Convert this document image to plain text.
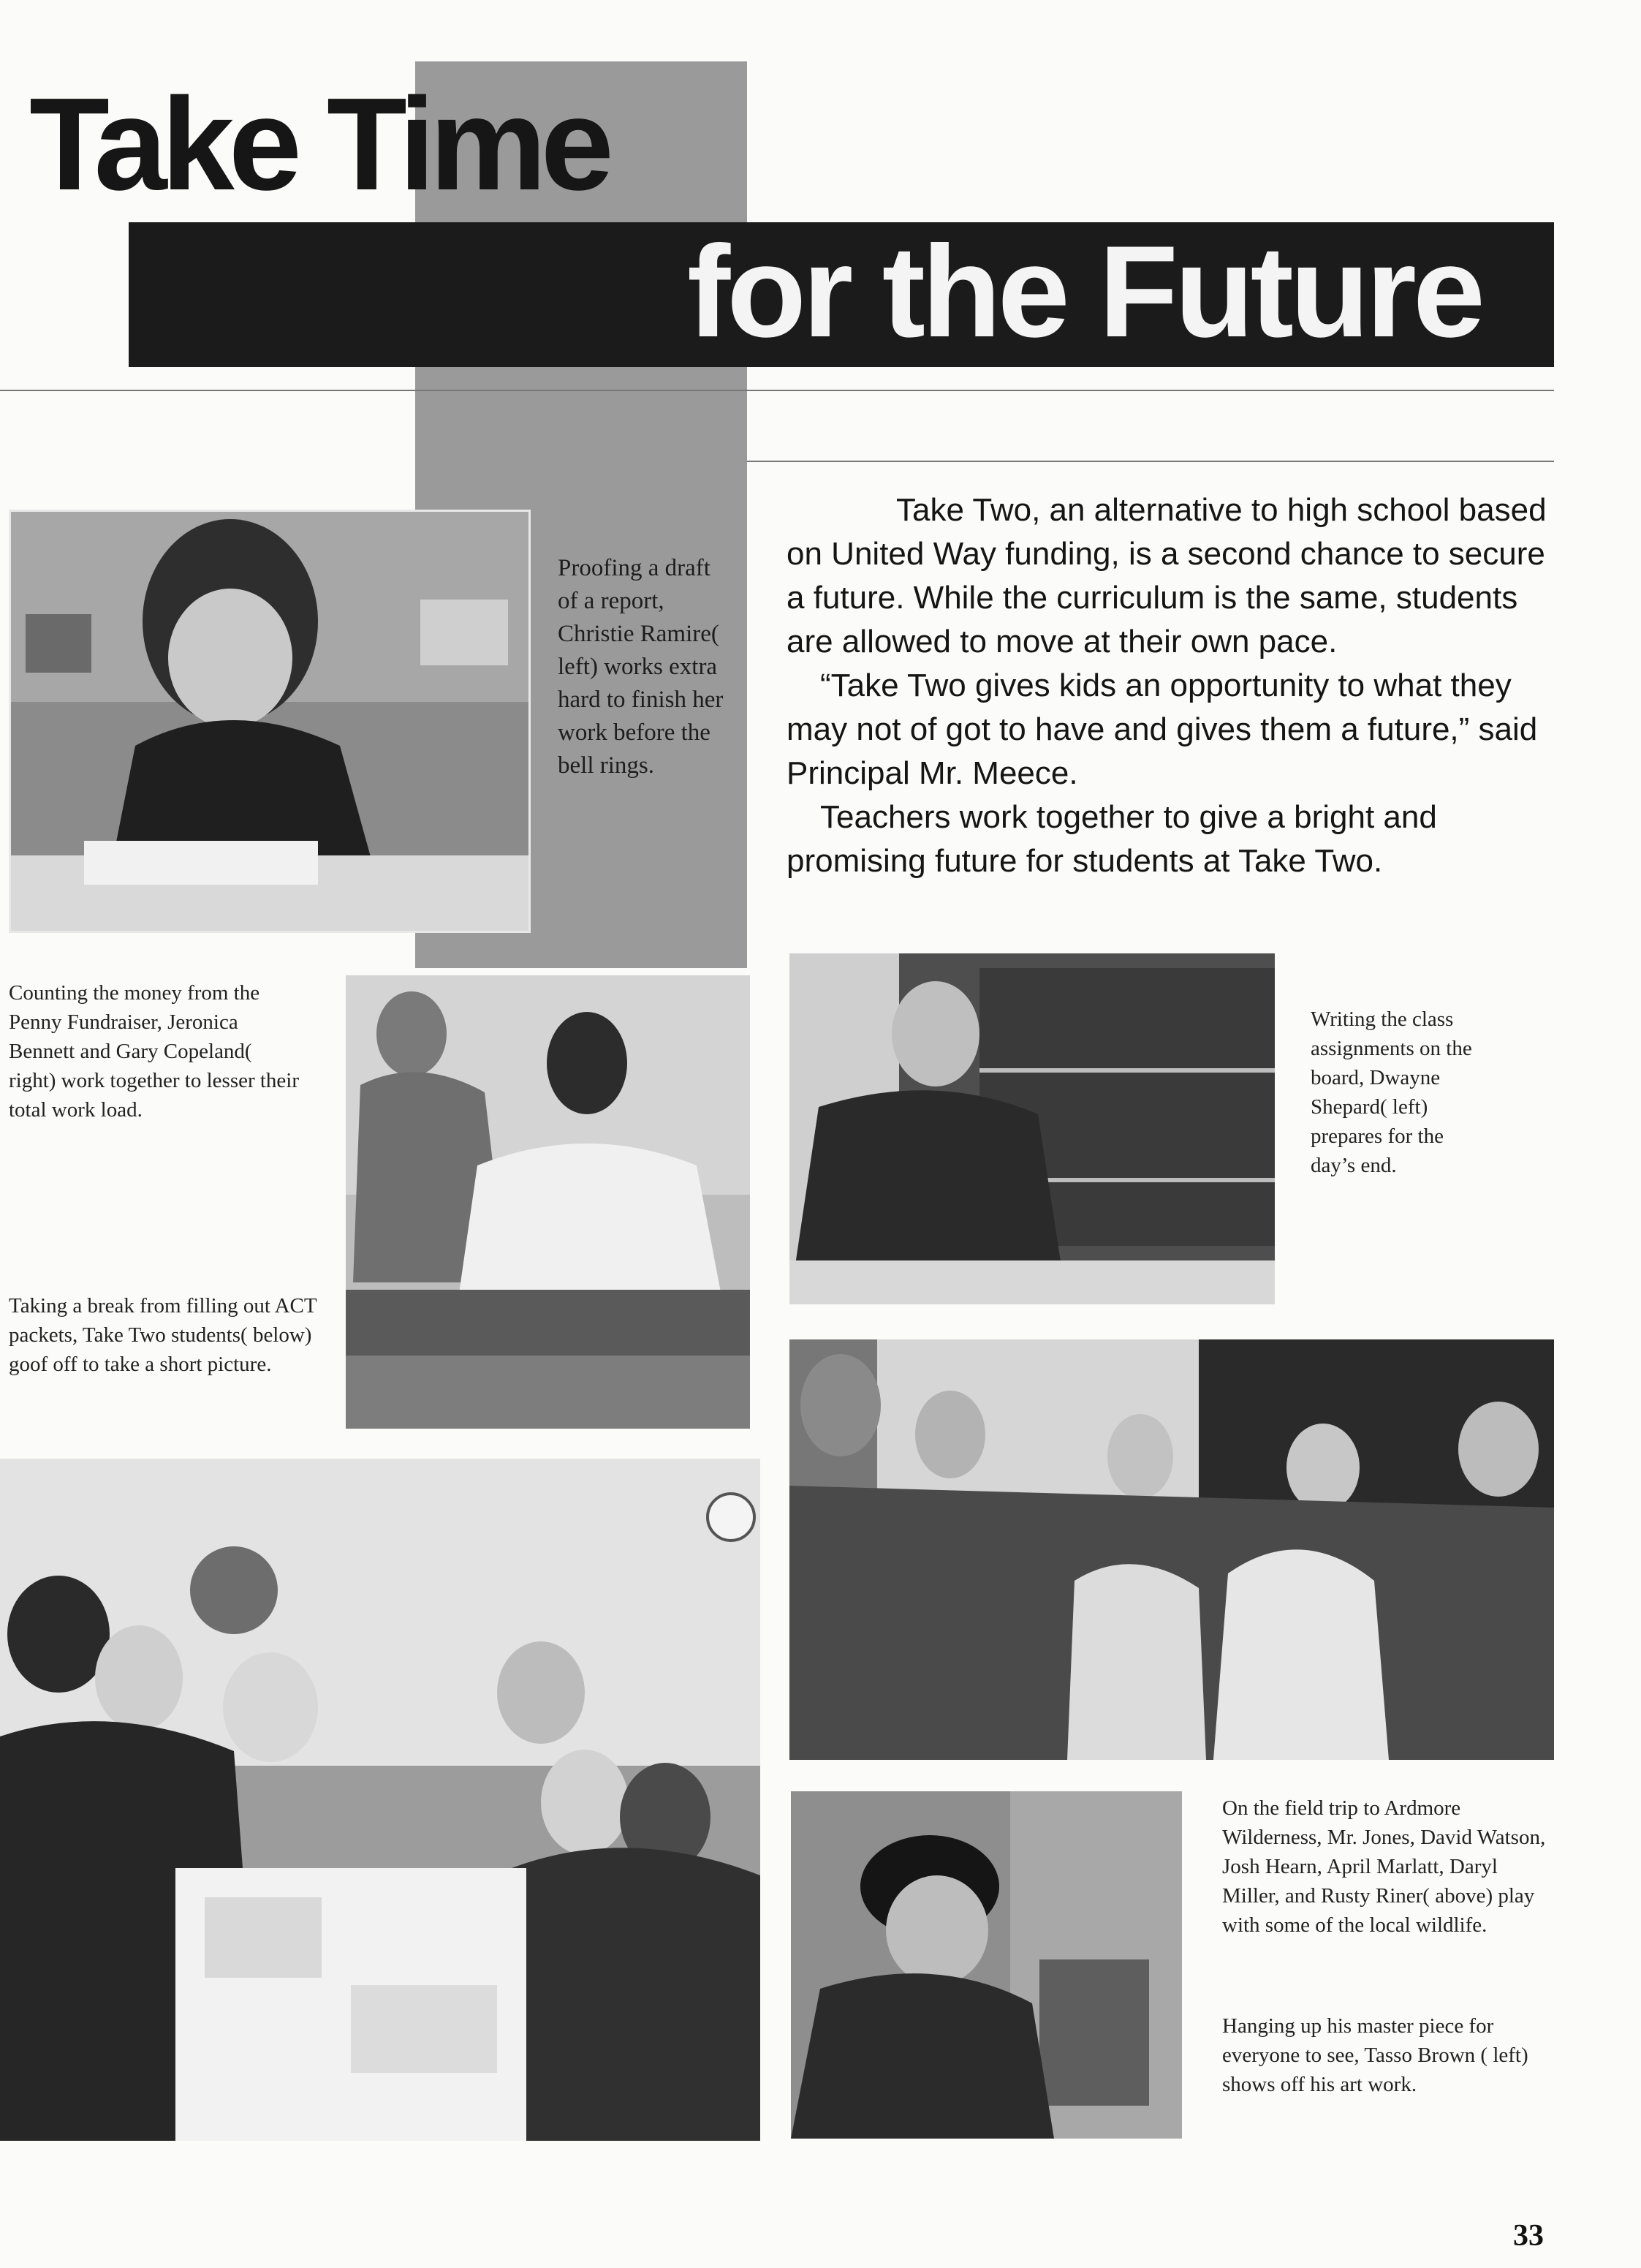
Take Time
for the Future
Proofing a draft of a report, Christie Ramire( left) works extra hard to finish her work before the bell rings.

Take Two, an alternative to high school based on United Way funding, is a second chance to secure a future. While the curriculum is the same, students are allowed to move at their own pace.

“Take Two gives kids an opportunity to what they may not of got to have and gives them a future,” said Principal Mr. Meece.

Teachers work together to give a bright and promising future for students at Take Two.

Counting the money from the Penny Fundraiser, Jeronica Bennett and Gary Copeland( right) work together to lesser their total work load.
Taking a break from filling out ACT packets, Take Two students( below) goof off to take a short picture.
Writing the class assignments on the board, Dwayne Shepard( left) prepares for the day’s end.
On the field trip to Ardmore Wilderness, Mr. Jones, David Watson, Josh Hearn, April Marlatt, Daryl Miller, and Rusty Riner( above) play with some of the local wildlife.
Hanging up his master piece for everyone to see, Tasso Brown ( left) shows off his art work.
33
